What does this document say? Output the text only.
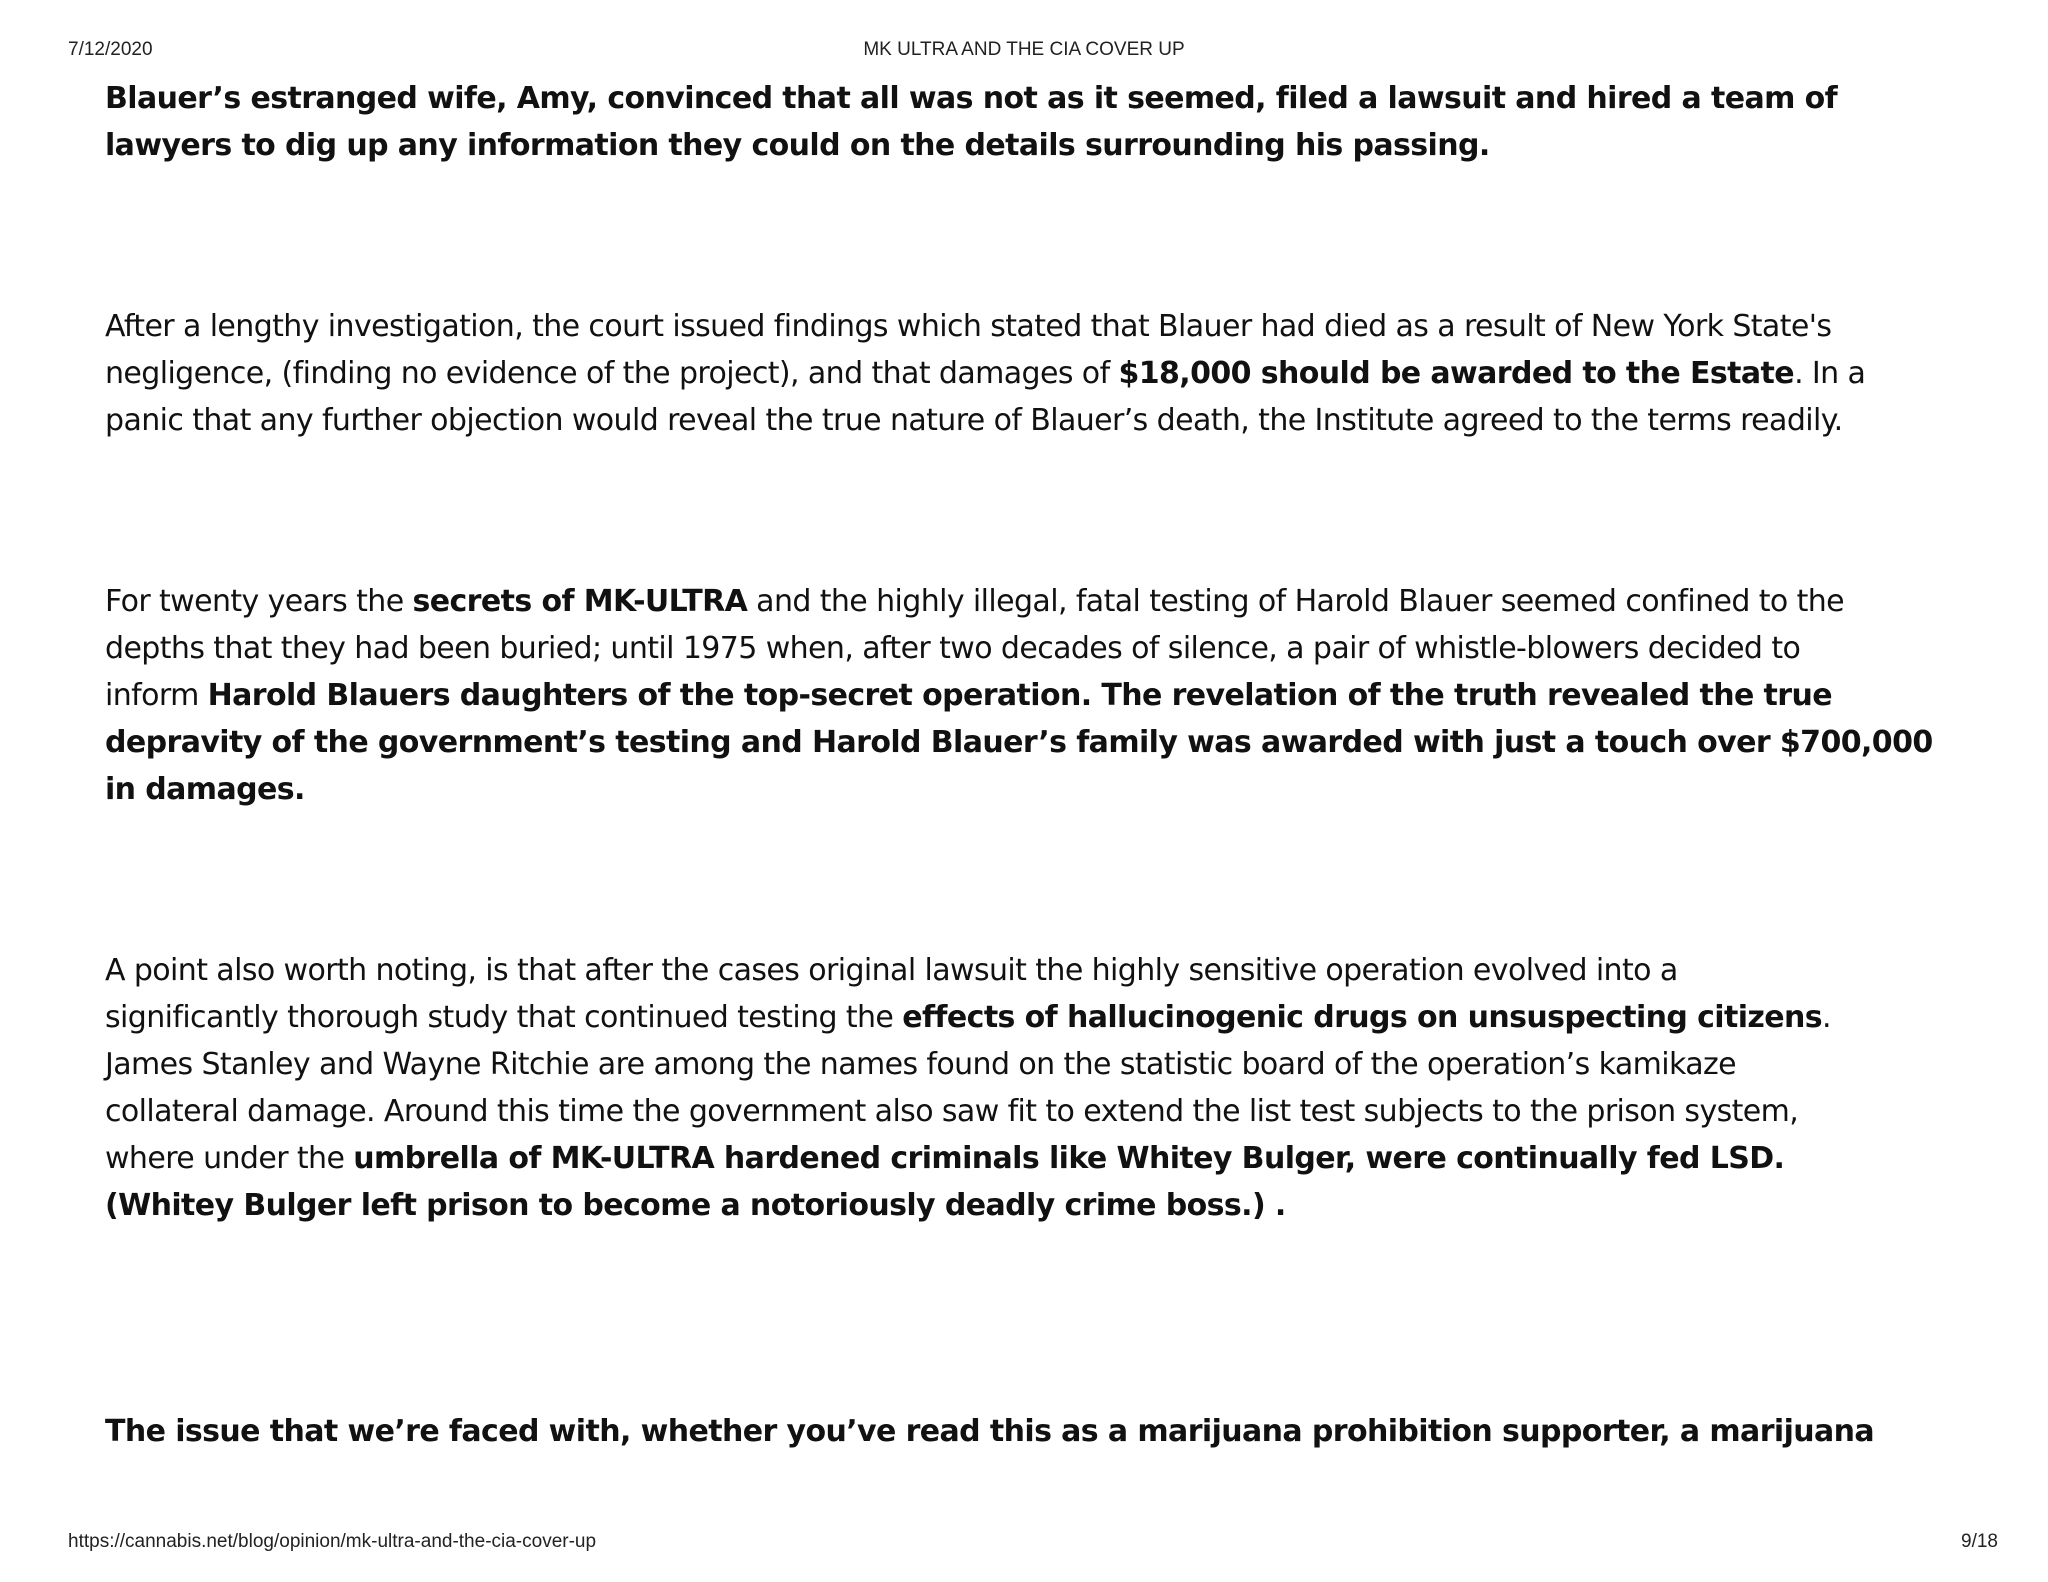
7/12/2020	MK ULTRA AND THE CIA COVER UP

Blauer’s estranged wife, Amy, convinced that all was not as it seemed, filed a lawsuit and hired a team of

lawyers to dig up any information they could on the details surrounding his passing.

After a lengthy investigation, the court issued findings which stated that Blauer had died as a result of New York State's

negligence, (finding no evidence of the project), and that damages of $18,000 should be awarded to the Estate. In a

panic that any further objection would reveal the true nature of Blauer’s death, the Institute agreed to the terms readily.

For twenty years the secrets of MK-ULTRA and the highly illegal, fatal testing of Harold Blauer seemed confined to the

depths that they had been buried; until 1975 when, after two decades of silence, a pair of whistle-blowers decided to

inform Harold Blauers daughters of the top-secret operation. The revelation of the truth revealed the true

depravity of the government’s testing and Harold Blauer’s family was awarded with just a touch over $700,000

in damages.

A point also worth noting, is that after the cases original lawsuit the highly sensitive operation evolved into a

significantly thorough study that continued testing the effects of hallucinogenic drugs on unsuspecting citizens.

James Stanley and Wayne Ritchie are among the names found on the statistic board of the operation’s kamikaze

collateral damage. Around this time the government also saw fit to extend the list test subjects to the prison system,

where under the umbrella of MK-ULTRA hardened criminals like Whitey Bulger, were continually fed LSD.

(Whitey Bulger left prison to become a notoriously deadly crime boss.) .

The issue that we’re faced with, whether you’ve read this as a marijuana prohibition supporter, a marijuana

https://cannabis.net/blog/opinion/mk-ultra-and-the-cia-cover-up	9/18
